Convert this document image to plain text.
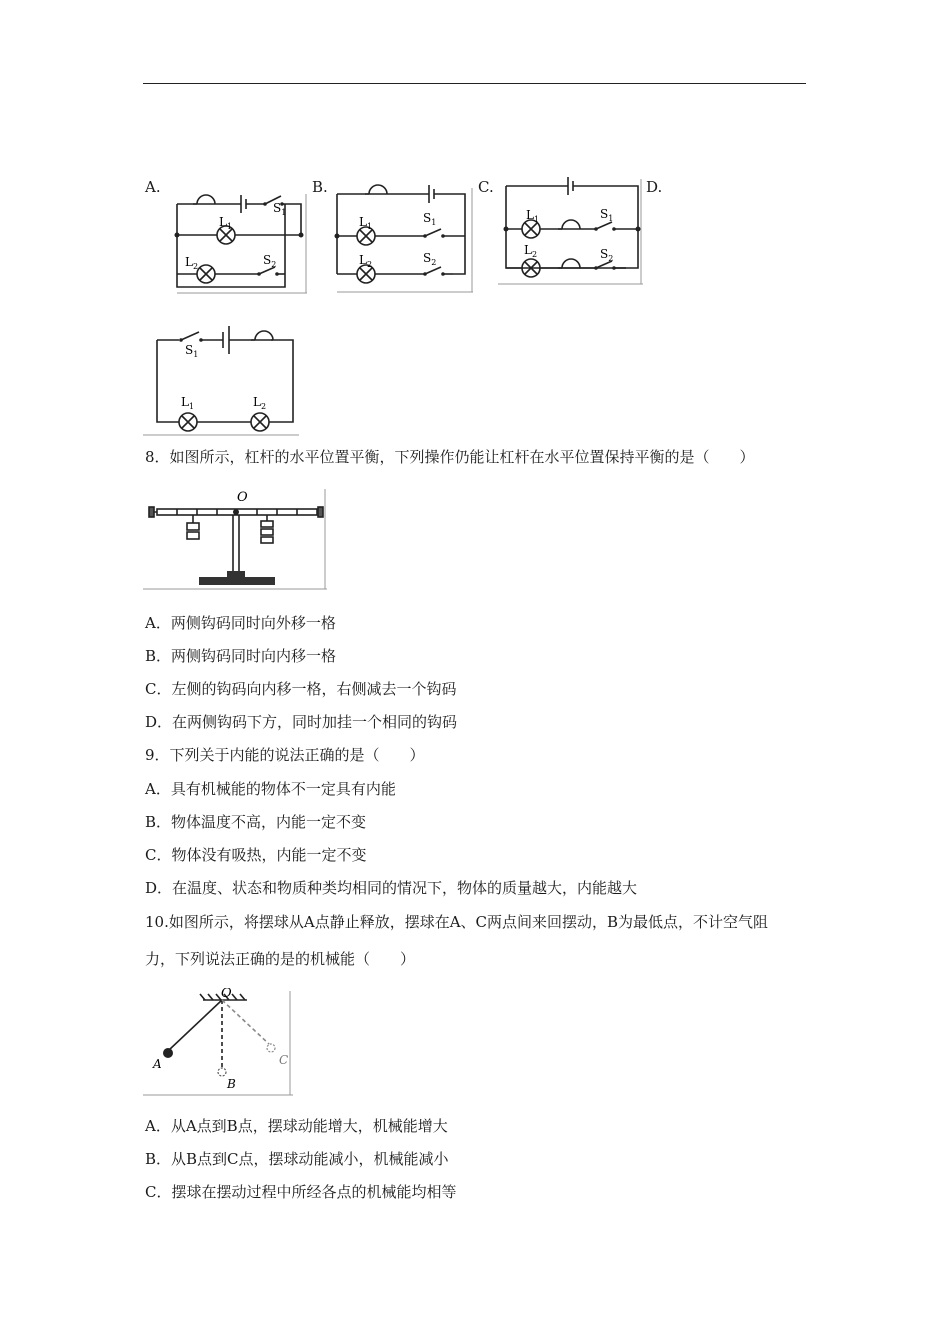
A.	B.	C.	D.
$L_1$
$S_1$
$L_2$	$S_2$
$L_1$
$S_1$
$L_2$	$S_2$
$L_1$	$S_1$
$L_2$	$S_2$
$S_1$
$L_1$	$L_2$
8．如图所示，杠杆的水平位置平衡，下列操作仍能让杠杆在水平位置保持平衡的是（　　）
O
A．两侧钩码同时向外移一格
B．两侧钩码同时向内移一格
C．左侧的钩码向内移一格，右侧减去一个钩码
D．在两侧钩码下方，同时加挂一个相同的钩码
9．下列关于内能的说法正确的是（　　）
A．具有机械能的物体不一定具有内能
B．物体温度不高，内能一定不变
C．物体没有吸热，内能一定不变
D．在温度、状态和物质种类均相同的情况下，物体的质量越大，内能越大
10.如图所示，将摆球从A点静止释放，摆球在A、C两点间来回摆动，B为最低点，不计空气阻
力，下列说法正确的是的机械能（　　）
O
A
B
C
A．从A点到B点，摆球动能增大，机械能增大
B．从B点到C点，摆球动能减小，机械能减小
C．摆球在摆动过程中所经各点的机械能均相等
